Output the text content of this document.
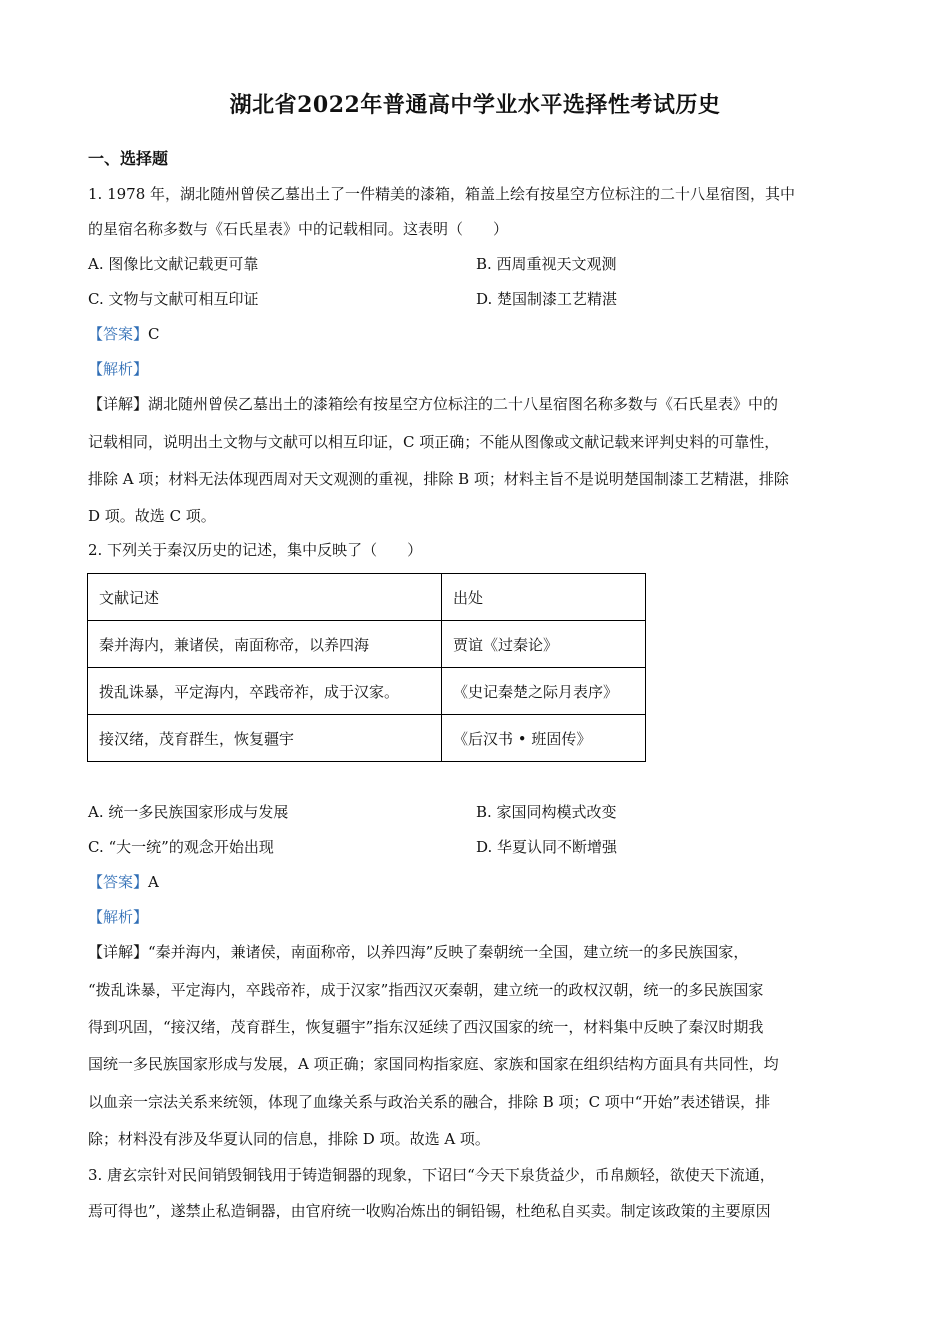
湖北省2022年普通高中学业水平选择性考试历史
一、选择题
1. 1978 年，湖北随州曾侯乙墓出土了一件精美的漆箱，箱盖上绘有按星空方位标注的二十八星宿图，其中
的星宿名称多数与《石氏星表》中的记载相同。这表明（　　）
A. 图像比文献记载更可靠	B. 西周重视天文观测
C. 文物与文献可相互印证	D. 楚国制漆工艺精湛
【答案】C
【解析】
【详解】湖北随州曾侯乙墓出土的漆箱绘有按星空方位标注的二十八星宿图名称多数与《石氏星表》中的
记载相同，说明出土文物与文献可以相互印证，C 项正确；不能从图像或文献记载来评判史料的可靠性，
排除 A 项；材料无法体现西周对天文观测的重视，排除 B 项；材料主旨不是说明楚国制漆工艺精湛，排除
D 项。故选 C 项。
2. 下列关于秦汉历史的记述，集中反映了（　　）
文献记述	出处
秦并海内，兼诸侯，南面称帝，以养四海	贾谊《过秦论》
拨乱诛暴，平定海内，卒践帝祚，成于汉家。	《史记秦楚之际月表序》
接汉绪，茂育群生，恢复疆宇	《后汉书 • 班固传》
A. 统一多民族国家形成与发展	B. 家国同构模式改变
C. “大一统”的观念开始出现	D. 华夏认同不断增强
【答案】A
【解析】
【详解】“秦并海内，兼诸侯，南面称帝，以养四海”反映了秦朝统一全国，建立统一的多民族国家，
“拨乱诛暴，平定海内，卒践帝祚，成于汉家”指西汉灭秦朝，建立统一的政权汉朝，统一的多民族国家
得到巩固，“接汉绪，茂育群生，恢复疆宇”指东汉延续了西汉国家的统一，材料集中反映了秦汉时期我
国统一多民族国家形成与发展，A 项正确；家国同构指家庭、家族和国家在组织结构方面具有共同性，均
以血亲一宗法关系来统领，体现了血缘关系与政治关系的融合，排除 B 项；C 项中“开始”表述错误，排
除；材料没有涉及华夏认同的信息，排除 D 项。故选 A 项。
3. 唐玄宗针对民间销毁铜钱用于铸造铜器的现象，下诏曰“今天下泉货益少，币帛颇轻，欲使天下流通，
焉可得也”，遂禁止私造铜器，由官府统一收购冶炼出的铜铅锡，杜绝私自买卖。制定该政策的主要原因
